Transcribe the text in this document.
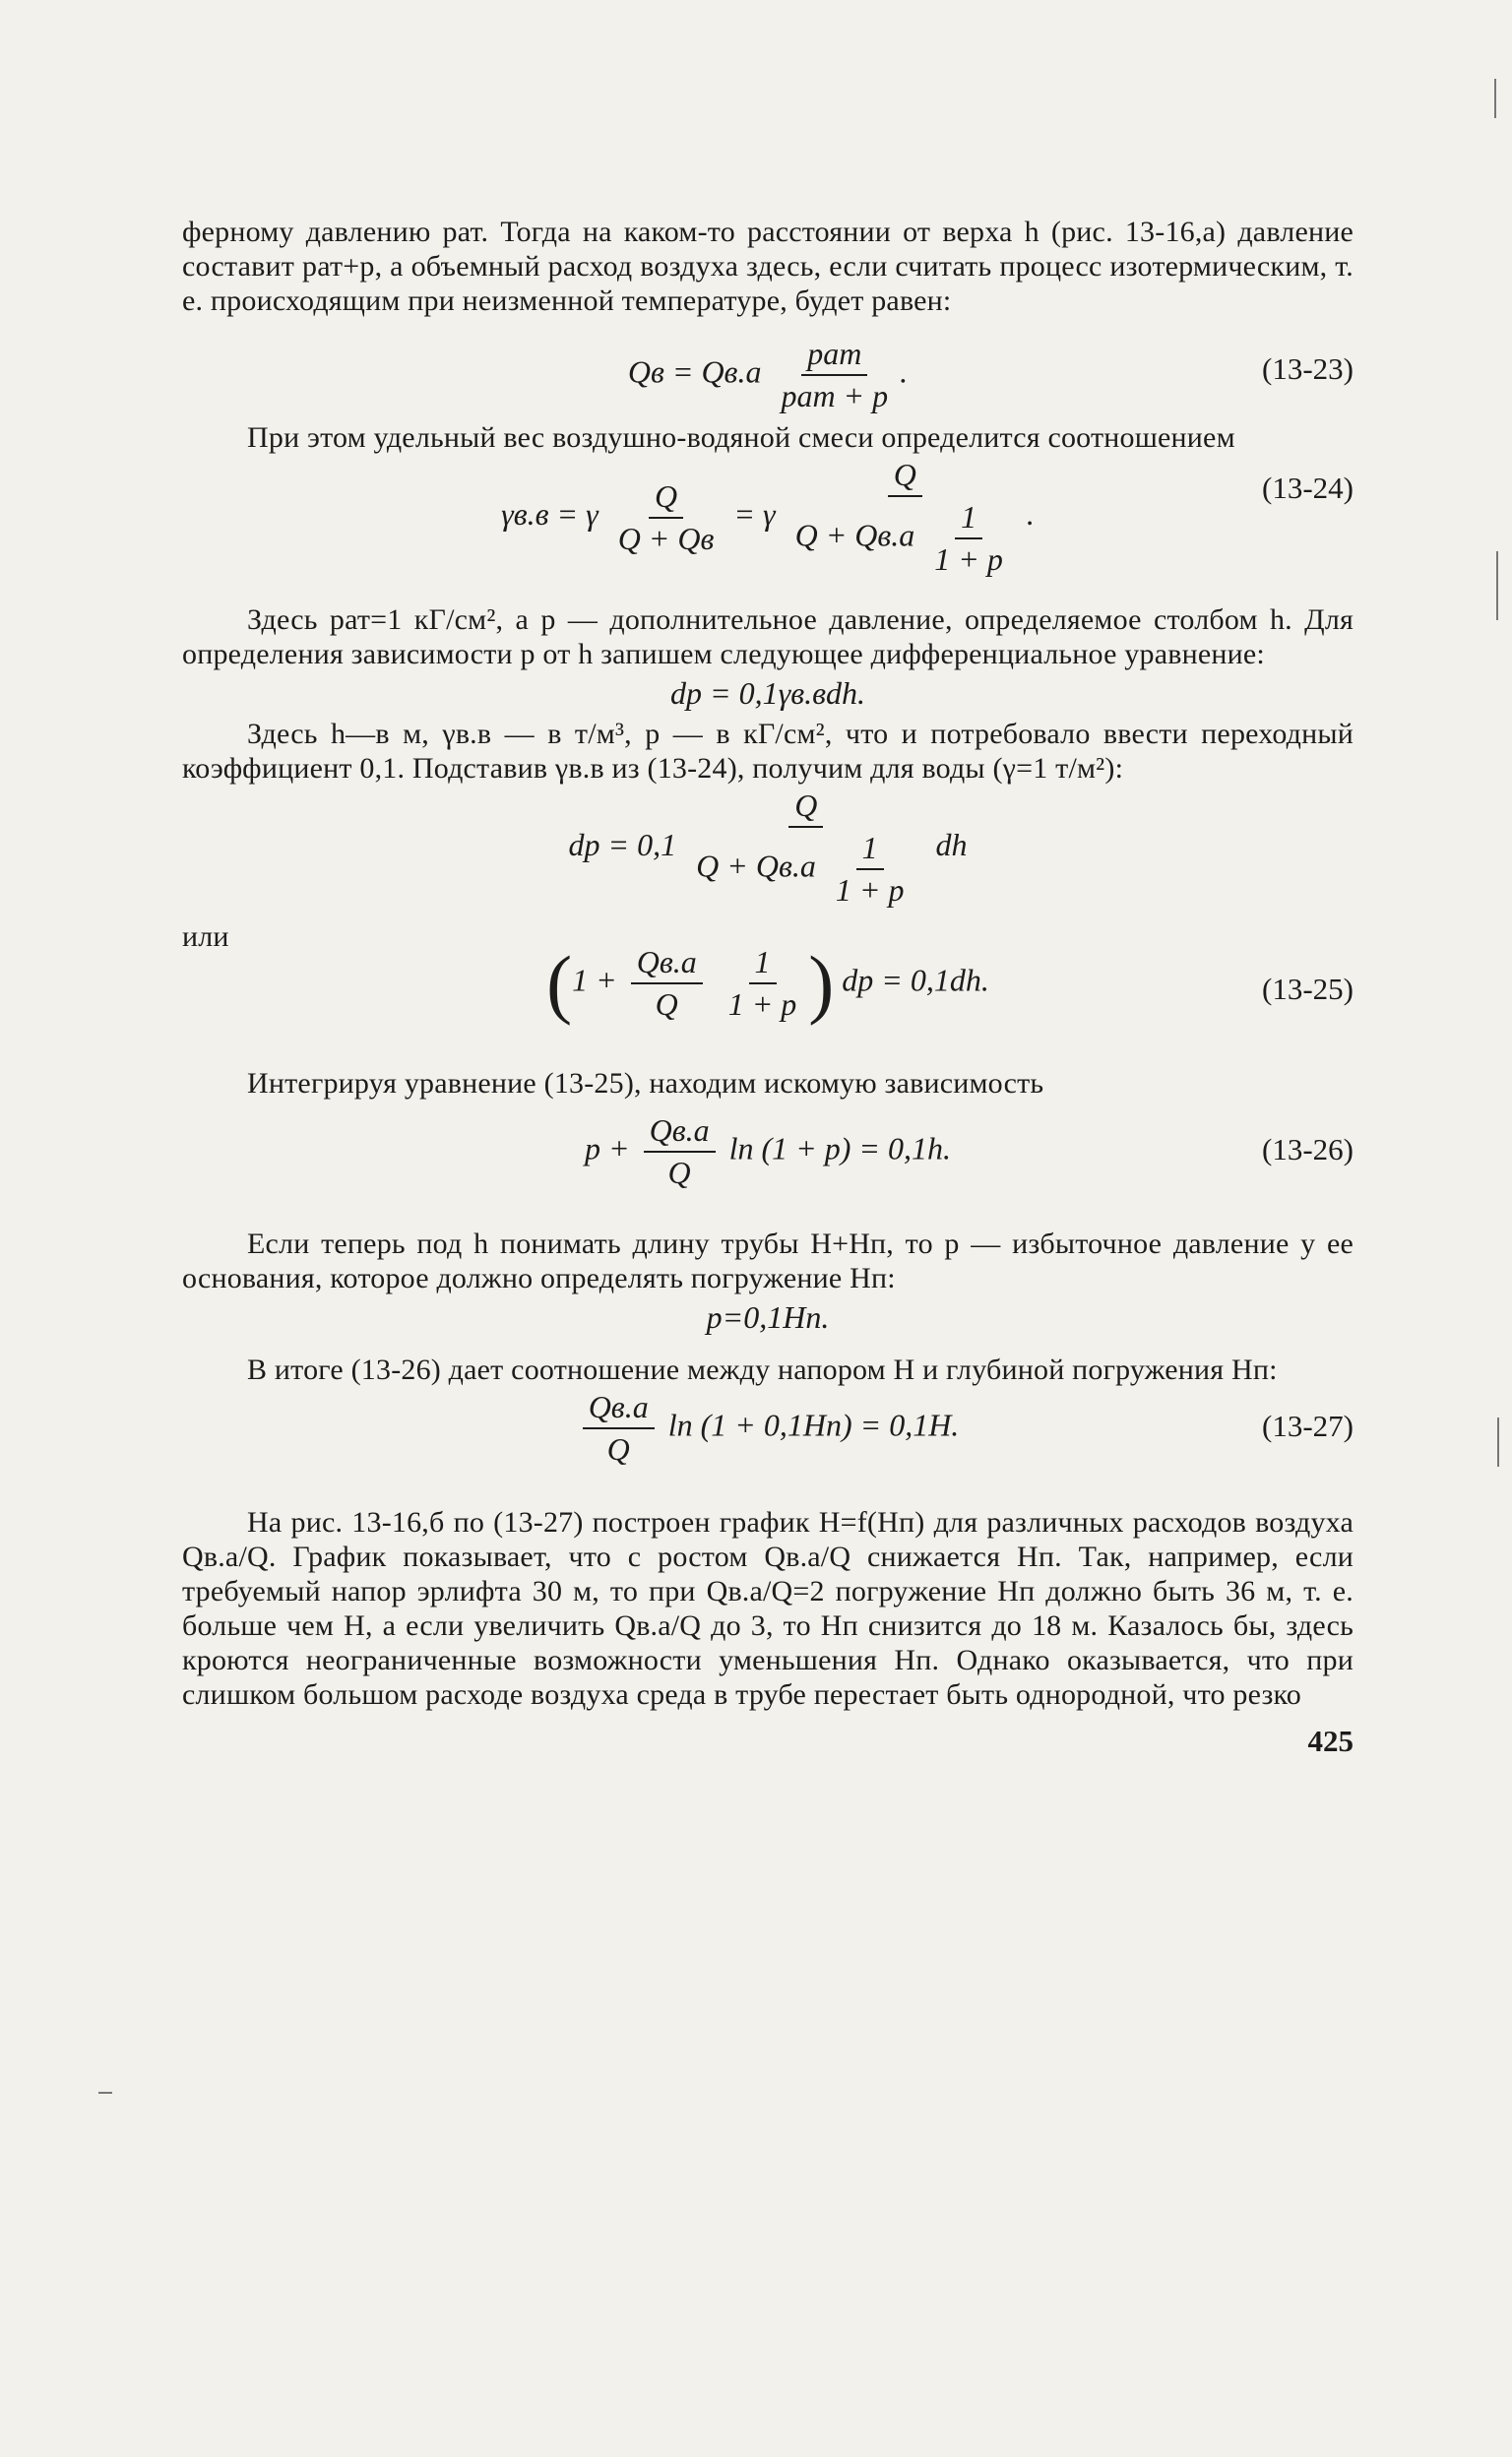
ферному давлению pат. Тогда на каком-то расстоянии от верха h (рис. 13-16,a) давление составит pат+p, а объемный расход воздуха здесь, если считать процесс изотермическим, т. е. происходящим при неизменной температуре, будет равен:

Qв = $Qв.а \frac{\text{pат}}{\text{pат + p}}$ .	(13-23)

При этом удельный вес воздушно-водяной смеси определится соотношением

γв.в = γ $\frac{Q}{Q + Qв} = \gamma \frac{Q}{Q + Qв.а \frac{1}{1 + p}}$ .
(13-24)

Здесь pат=1 кГ/см², а p — дополнительное давление, определяемое столбом h. Для определения зависимости p от h запишем следующее дифференциальное уравнение:

dp = 0,1γв.вdh.

Здесь h—в м, γв.в — в т/м³, p — в кГ/см², что и потребовало ввести переходный коэффициент 0,1. Подставив γв.в из (13-24), получим для воды (γ=1 т/м²):

dp = $0,1 \frac{Q}{Q + Qв.а \frac{1}{1 + p}}$ dh

или

($1 + \frac{Qв.а}{Q}$
$\frac{1}{1 + p}$ ) dp = 0,1dh.	(13-25)

Интегрируя уравнение (13-25), находим искомую зависимость

$p + \frac{Qв.а}{Q}$ ln (1 + p) = 0,1h.	(13-26)

Если теперь под h понимать длину трубы H+Hп, то p — избыточное давление у ее основания, которое должно определять погружение Hп:

p=0,1Hп.

В итоге (13-26) дает соотношение между напором H и глубиной погружения Hп:

$\frac{Qв.а}{Q}$ ln (1 + 0,1Hп) = 0,1H.	(13-27)

На рис. 13-16,б по (13-27) построен график H=f(Hп) для различных расходов воздуха Qв.а/Q. График показывает, что с ростом Qв.а/Q снижается Hп. Так, например, если требуемый напор эрлифта 30 м, то при Qв.а/Q=2 погружение Hп должно быть 36 м, т. е. больше чем H, а если увеличить Qв.а/Q до 3, то Hп снизится до 18 м. Казалось бы, здесь кроются неограниченные возможности уменьшения Hп. Однако оказывается, что при слишком большом расходе воздуха среда в трубе перестает быть однородной, что резко

425
